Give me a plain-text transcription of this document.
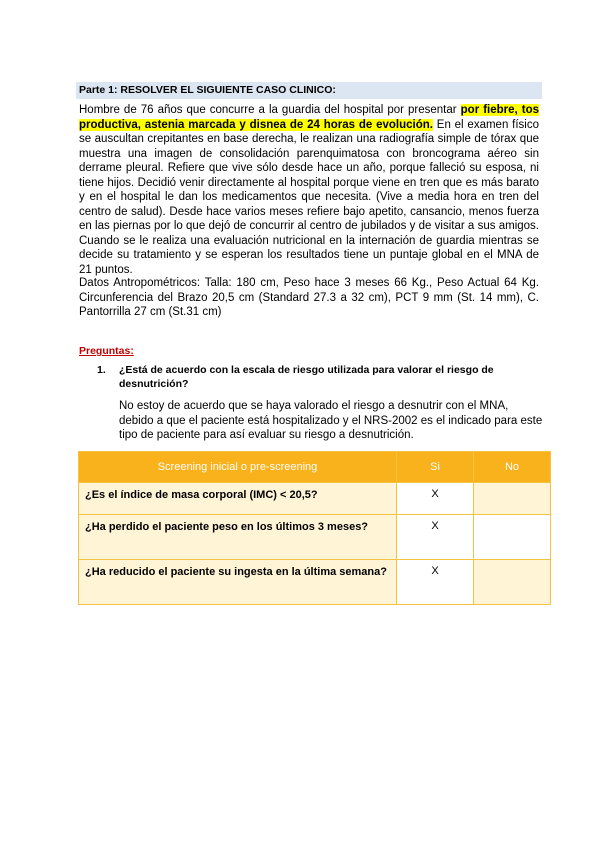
Parte 1: RESOLVER EL SIGUIENTE CASO CLINICO:

Hombre de 76 años que concurre a la guardia del hospital por presentar por fiebre, tos productiva, astenia marcada y disnea de 24 horas de evolución. En el examen físico se auscultan crepitantes en base derecha, le realizan una radiografía simple de tórax que muestra una imagen de consolidación parenquimatosa con broncograma aéreo sin derrame pleural. Refiere que vive sólo desde hace un año, porque falleció su esposa, ni tiene hijos. Decidió venir directamente al hospital porque viene en tren que es más barato y en el hospital le dan los medicamentos que necesita. (Vive a media hora en tren del centro de salud). Desde hace varios meses refiere bajo apetito, cansancio, menos fuerza en las piernas por lo que dejó de concurrir al centro de jubilados y de visitar a sus amigos. Cuando se le realiza una evaluación nutricional en la internación de guardia mientras se decide su tratamiento y se esperan los resultados tiene un puntaje global en el MNA de 21 puntos.

Datos Antropométricos: Talla: 180 cm, Peso hace 3 meses 66 Kg., Peso Actual 64 Kg. Circunferencia del Brazo 20,5 cm (Standard 27.3 a 32 cm), PCT 9 mm (St. 14 mm), C. Pantorrilla 27 cm (St.31 cm)

Preguntas:
1. ¿Está de acuerdo con la escala de riesgo utilizada para valorar el riesgo de desnutrición?

No estoy de acuerdo que se haya valorado el riesgo a desnutrir con el MNA, debido a que el paciente está hospitalizado y el NRS-2002 es el indicado para este tipo de paciente para así evaluar su riesgo a desnutrición.

Screening inicial o pre-screening	Si	No
¿Es el índice de masa corporal (IMC) < 20,5?	X	
¿Ha perdido el paciente peso en los últimos 3 meses?	X	
¿Ha reducido el paciente su ingesta en la última semana?	X	
